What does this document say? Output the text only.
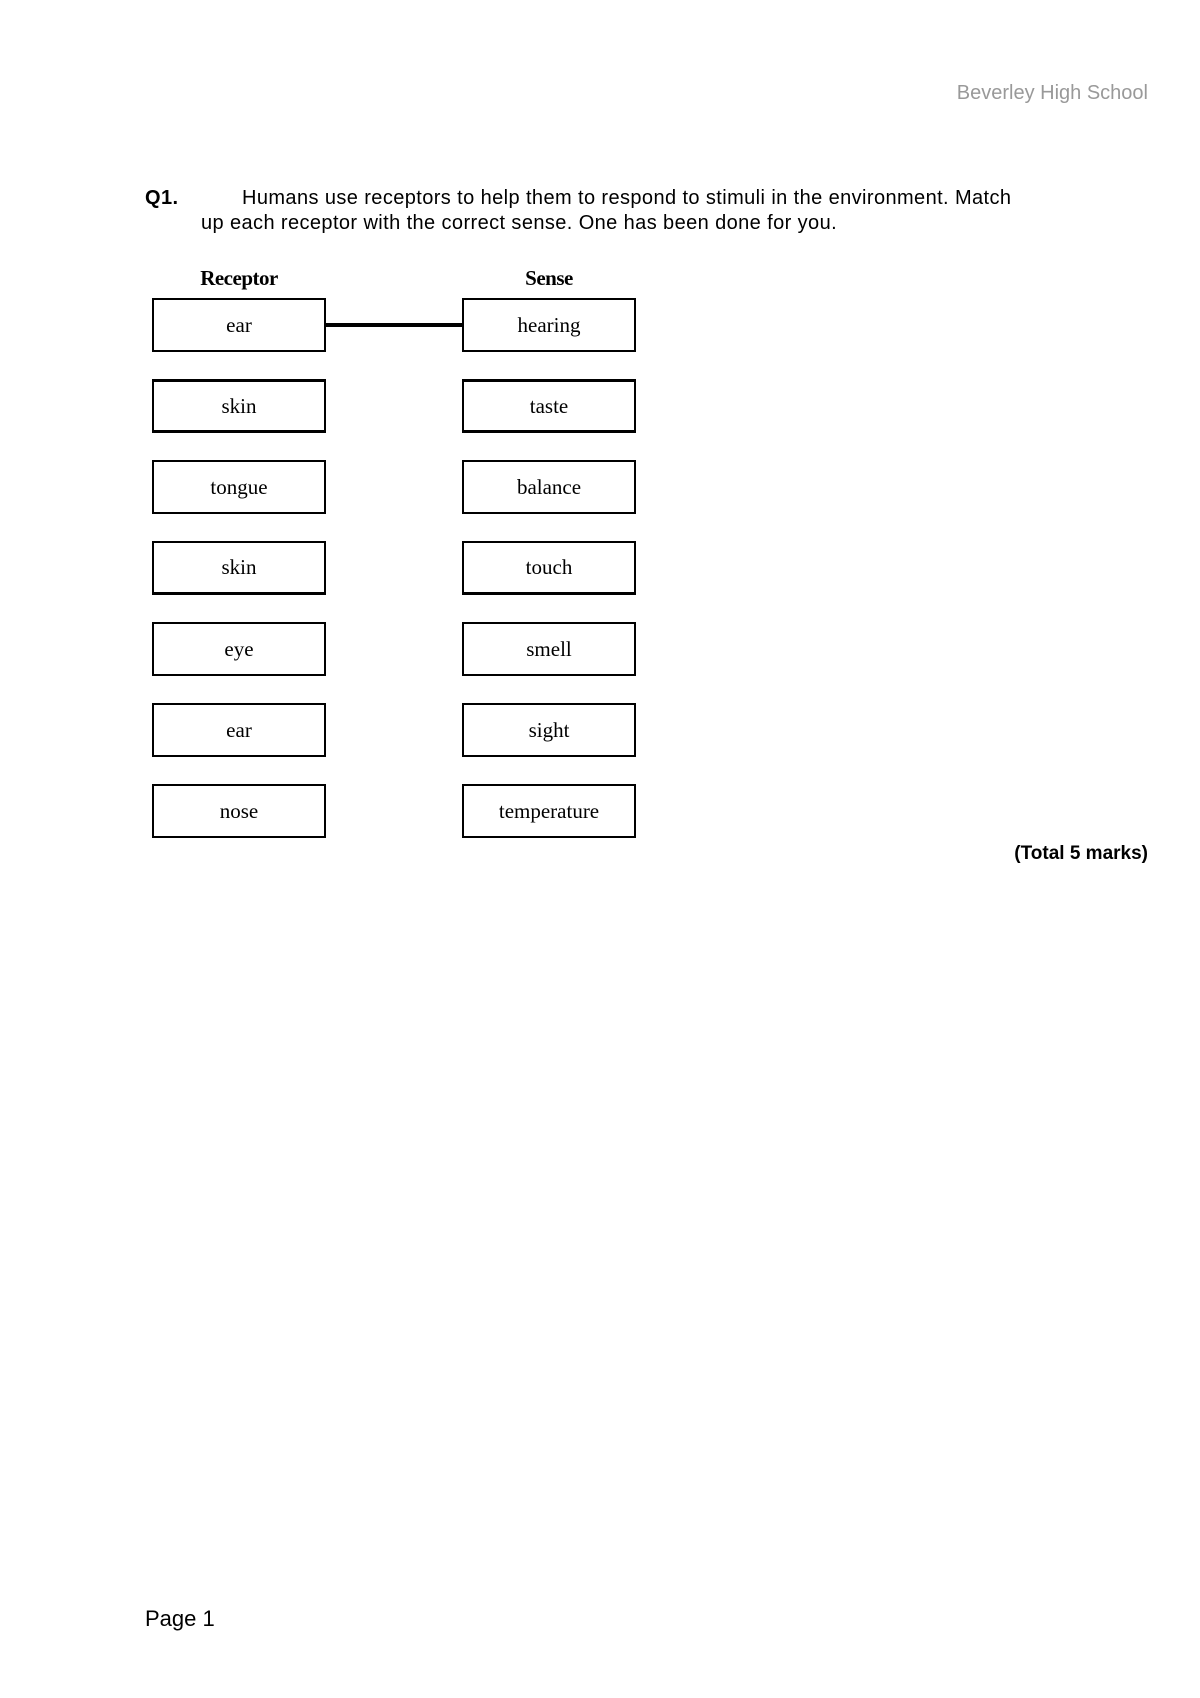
Beverley High School
Q1.	Humans use receptors to help them to respond to stimuli in the environment. Match
up each receptor with the correct sense. One has been done for you.
Receptor	Sense
ear
skin
tongue
skin
eye
ear
nose
hearing
taste
balance
touch
smell
sight
temperature
(Total 5 marks)
Page 1
